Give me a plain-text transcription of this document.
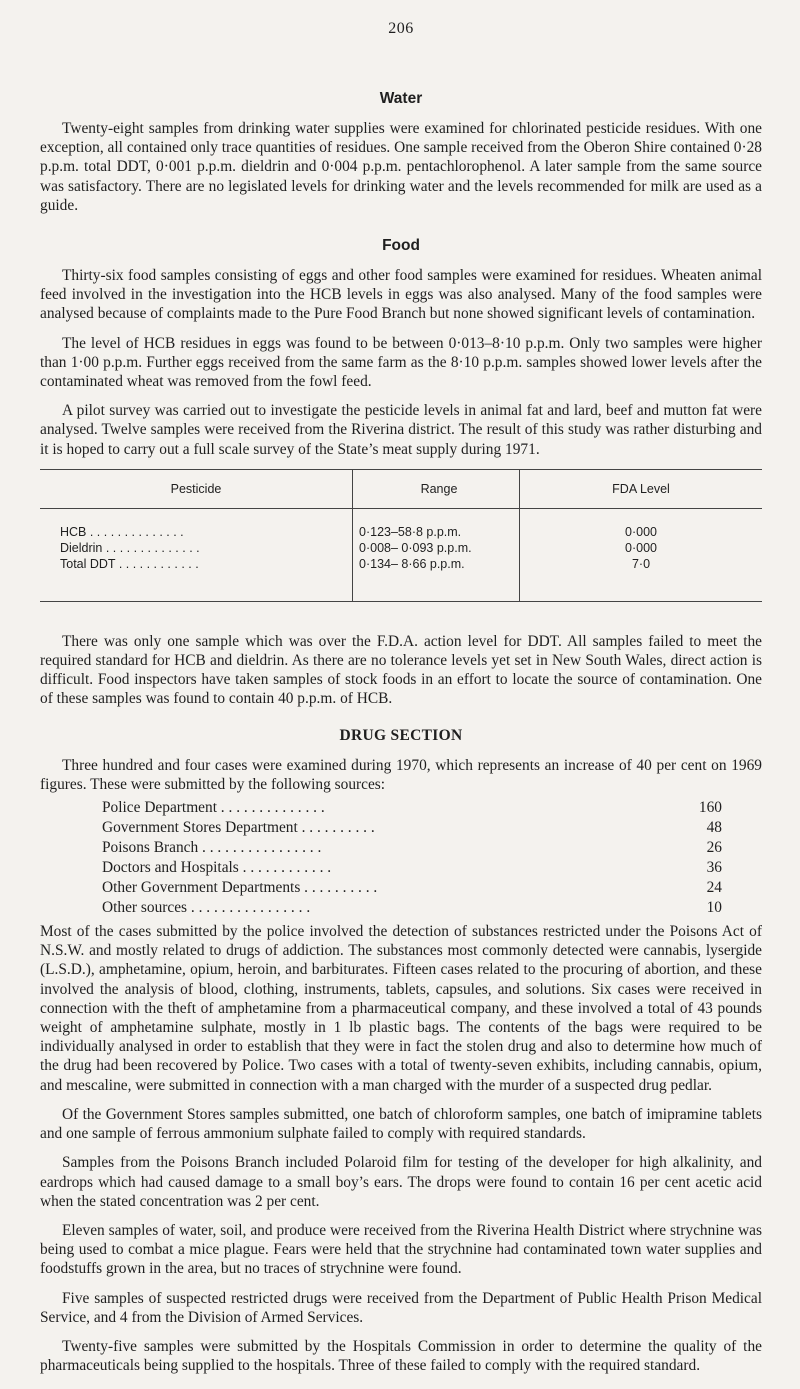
206
Water

Twenty-eight samples from drinking water supplies were examined for chlorinated pesticide residues. With one exception, all contained only trace quantities of residues. One sample received from the Oberon Shire contained 0·28 p.p.m. total DDT, 0·001 p.p.m. dieldrin and 0·004 p.p.m. pentachlorophenol. A later sample from the same source was satisfactory. There are no legislated levels for drinking water and the levels recommended for milk are used as a guide.

Food

Thirty-six food samples consisting of eggs and other food samples were examined for residues. Wheaten animal feed involved in the investigation into the HCB levels in eggs was also analysed. Many of the food samples were analysed because of complaints made to the Pure Food Branch but none showed significant levels of contamination.

The level of HCB residues in eggs was found to be between 0·013–8·10 p.p.m. Only two samples were higher than 1·00 p.p.m. Further eggs received from the same farm as the 8·10 p.p.m. samples showed lower levels after the contaminated wheat was removed from the fowl feed.

A pilot survey was carried out to investigate the pesticide levels in animal fat and lard, beef and mutton fat were analysed. Twelve samples were received from the Riverina district. The result of this study was rather disturbing and it is hoped to carry out a full scale survey of the State’s meat supply during 1971.

Pesticide	Range	FDA Level
HCB . . . . . . . . . . . . . .	0·123–58·8 p.p.m.	0·000
Dieldrin . . . . . . . . . . . . . .	0·008– 0·093 p.p.m.	0·000
Total DDT . . . . . . . . . . . .	0·134– 8·66 p.p.m.	7·0

There was only one sample which was over the F.D.A. action level for DDT. All samples failed to meet the required standard for HCB and dieldrin. As there are no tolerance levels yet set in New South Wales, direct action is difficult. Food inspectors have taken samples of stock foods in an effort to locate the source of contamination. One of these samples was found to contain 40 p.p.m. of HCB.

DRUG SECTION

Three hundred and four cases were examined during 1970, which represents an increase of 40 per cent on 1969 figures. These were submitted by the following sources:

Police Department . . . . . . . . . . . . . .	160
Government Stores Department . . . . . . . . . .	48
Poisons Branch . . . . . . . . . . . . . . . .	26
Doctors and Hospitals . . . . . . . . . . . .	36
Other Government Departments . . . . . . . . . .	24
Other sources . . . . . . . . . . . . . . . .	10

Most of the cases submitted by the police involved the detection of substances restricted under the Poisons Act of N.S.W. and mostly related to drugs of addiction. The substances most commonly detected were cannabis, lysergide (L.S.D.), amphetamine, opium, heroin, and barbiturates. Fifteen cases related to the procuring of abortion, and these involved the analysis of blood, clothing, instruments, tablets, capsules, and solutions. Six cases were received in connection with the theft of amphetamine from a pharmaceutical company, and these involved a total of 43 pounds weight of amphetamine sulphate, mostly in 1 lb plastic bags. The contents of the bags were required to be individually analysed in order to establish that they were in fact the stolen drug and also to determine how much of the drug had been recovered by Police. Two cases with a total of twenty-seven exhibits, including cannabis, opium, and mescaline, were submitted in connection with a man charged with the murder of a suspected drug pedlar.

Of the Government Stores samples submitted, one batch of chloroform samples, one batch of imipramine tablets and one sample of ferrous ammonium sulphate failed to comply with required standards.

Samples from the Poisons Branch included Polaroid film for testing of the developer for high alkalinity, and eardrops which had caused damage to a small boy’s ears. The drops were found to contain 16 per cent acetic acid when the stated concentration was 2 per cent.

Eleven samples of water, soil, and produce were received from the Riverina Health District where strychnine was being used to combat a mice plague. Fears were held that the strychnine had contaminated town water supplies and foodstuffs grown in the area, but no traces of strychnine were found.

Five samples of suspected restricted drugs were received from the Department of Public Health Prison Medical Service, and 4 from the Division of Armed Services.

Twenty-five samples were submitted by the Hospitals Commission in order to determine the quality of the pharmaceuticals being supplied to the hospitals. Three of these failed to comply with the required standard.
